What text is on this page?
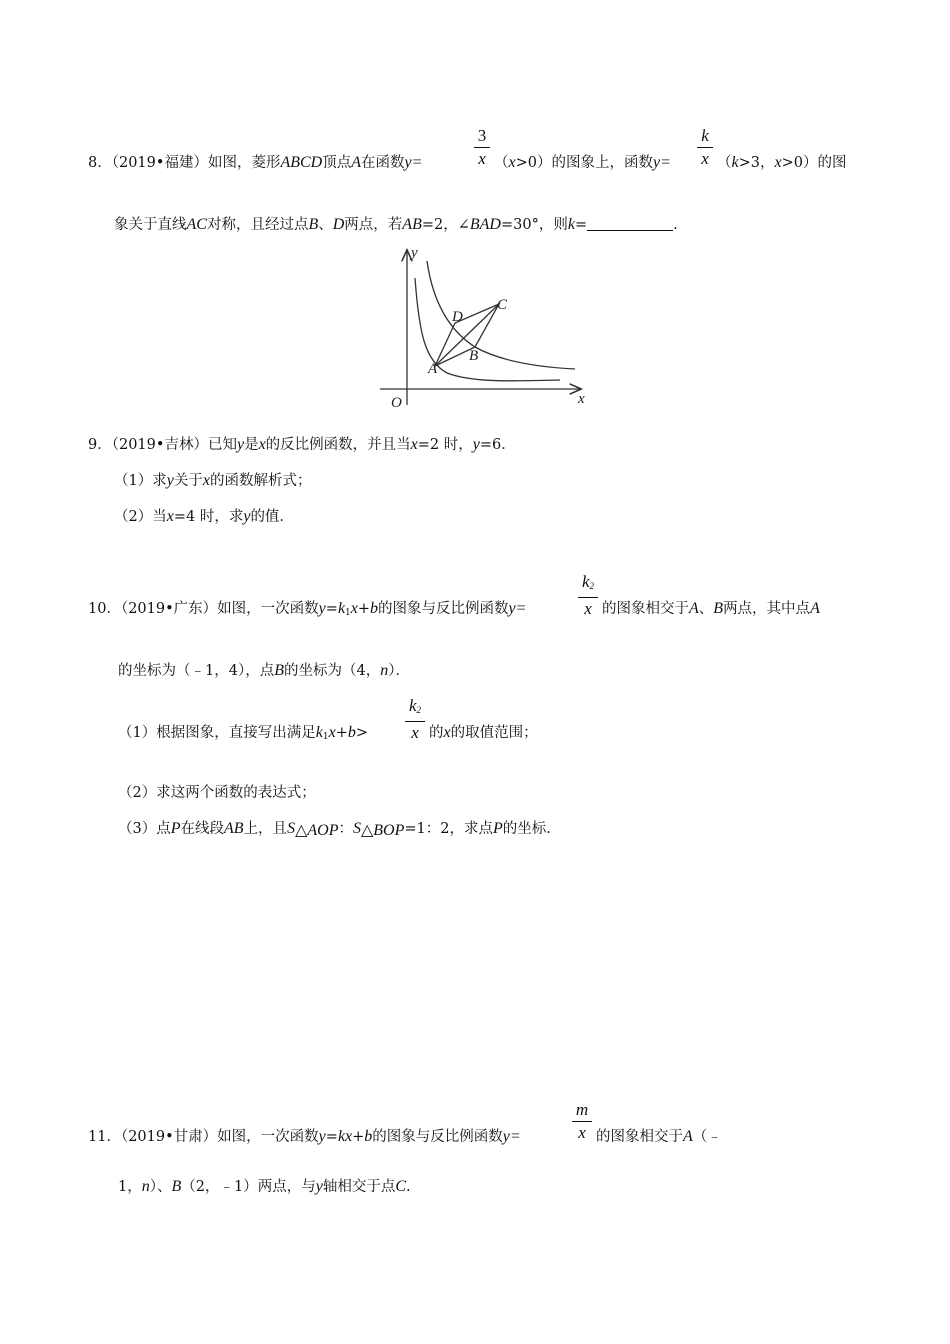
8．（2019•福建）如图，菱形ABCD顶点A在函数y=
3
x （x>0）的图象上，函数y=
k
x （k>3，x>0）的图
象关于直线AC对称，且经过点B、D两点，若AB=2，∠BAD=30°，则k=	.
y
x
O
A
B
C
D
9．（2019•吉林）已知y是x的反比例函数，并且当x=2 时，y=6．
（1）求y关于x的函数解析式；
（2）当x=4 时，求y的值．
10．（2019•广东）如图，一次函数$y=k_1x+b$的图象与反比例函数y=
$k_2$
x 的图象相交于A、B两点，其中点A
的坐标为（﹣1，4），点B的坐标为（4，n）．
（1）根据图象，直接写出满足$k_1x+b>$
$k_2$
x 的x的取值范围；
（2）求这两个函数的表达式；
（3）点P在线段AB上，且$S_{\triangle AOP}$：$S_{\triangle BOP}=1$：2，求点P的坐标．
11．（2019•甘肃）如图，一次函数y=kx+b的图象与反比例函数y=
m
x 的图象相交于A（﹣
1，n）、B（2，﹣1）两点，与y轴相交于点C.
